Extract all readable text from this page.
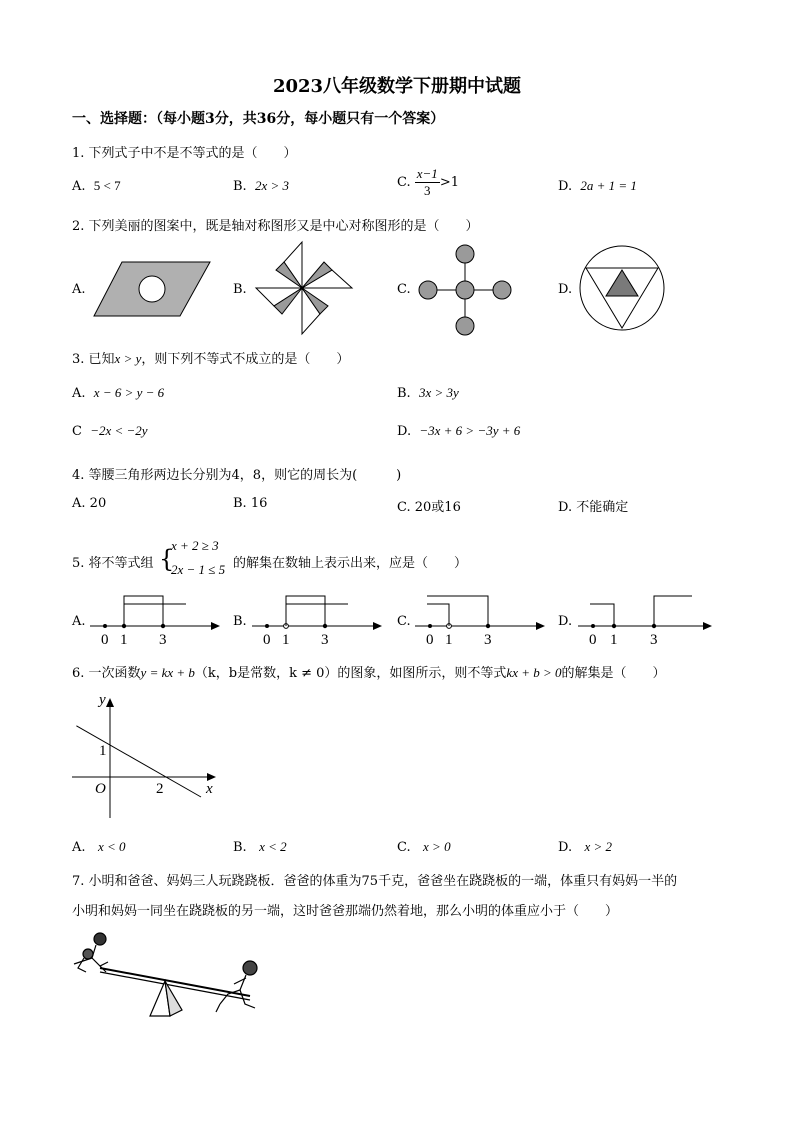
2023八年级数学下册期中试题
一、选择题：（每小题3分，共36分，每小题只有一个答案）
1. 下列式子中不是不等式的是（　　）
A. 5 < 7	B. 2x > 3	C. $\frac{x-1}{3} >1$	D. 2a + 1 = 1
2. 下列美丽的图案中，既是轴对称图形又是中心对称图形的是（　　）
A.	B.	C.	D.
3. 已知x > y，则下列不等式不成立的是（　　）
A. x − 6 > y − 6	B. 3x > 3y
C −2x < −2y	D. −3x + 6 > −3y + 6
4. 等腰三角形两边长分别为4，8，则它的周长为(　　　)
A. 20	B. 16	C. 20或16	D. 不能确定
5. 将不等式组 {
x + 2 ≥ 3
2x − 1 ≤ 5 的解集在数轴上表示出来，应是（　　）
A.
0 1 3
B.
0 1 3
C.
0 1 3
D.
0 1 3
6. 一次函数y = kx + b（k，b是常数，k ≠ 0）的图象，如图所示，则不等式kx + b > 0的解集是（　　）
y
x
O
1
2
A. x < 0	B. x < 2	C. x > 0	D. x > 2
7. 小明和爸爸、妈妈三人玩跷跷板．爸爸的体重为75千克，爸爸坐在跷跷板的一端，体重只有妈妈一半的
小明和妈妈一同坐在跷跷板的另一端，这时爸爸那端仍然着地，那么小明的体重应小于（　　）
